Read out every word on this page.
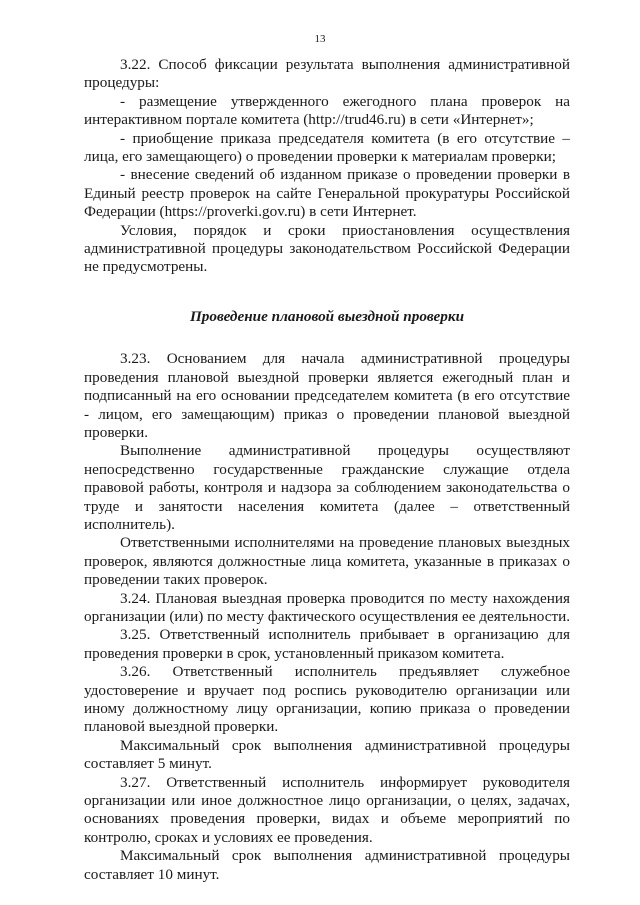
13

3.22. Способ фиксации результата выполнения административной процедуры:

- размещение утвержденного ежегодного плана проверок на интерактивном портале комитета (http://trud46.ru) в сети «Интернет»;

- приобщение приказа председателя комитета (в его отсутствие – лица, его замещающего) о проведении проверки к материалам проверки;

- внесение сведений об изданном приказе о проведении проверки в Единый реестр проверок на сайте Генеральной прокуратуры Российской Федерации (https://proverki.gov.ru) в сети Интернет.

Условия, порядок и сроки приостановления осуществления административной процедуры законодательством Российской Федерации не предусмотрены.

Проведение плановой выездной проверки

3.23. Основанием для начала административной процедуры проведения плановой выездной проверки является ежегодный план и подписанный на его основании председателем комитета (в его отсутствие - лицом, его замещающим) приказ о проведении плановой выездной проверки.

Выполнение административной процедуры осуществляют непосредственно государственные гражданские служащие отдела правовой работы, контроля и надзора за соблюдением законодательства о труде и занятости населения комитета (далее – ответственный исполнитель).

Ответственными исполнителями на проведение плановых выездных проверок, являются должностные лица комитета, указанные в приказах о проведении таких проверок.

3.24. Плановая выездная проверка проводится по месту нахождения организации (или) по месту фактического осуществления ее деятельности.

3.25. Ответственный исполнитель прибывает в организацию для проведения проверки в срок, установленный приказом комитета.

3.26. Ответственный исполнитель предъявляет служебное удостоверение и вручает под роспись руководителю организации или иному должностному лицу организации, копию приказа о проведении плановой выездной проверки.

Максимальный срок выполнения административной процедуры составляет 5 минут.

3.27. Ответственный исполнитель информирует руководителя организации или иное должностное лицо организации, о целях, задачах, основаниях проведения проверки, видах и объеме мероприятий по контролю, сроках и условиях ее проведения.

Максимальный срок выполнения административной процедуры составляет 10 минут.
